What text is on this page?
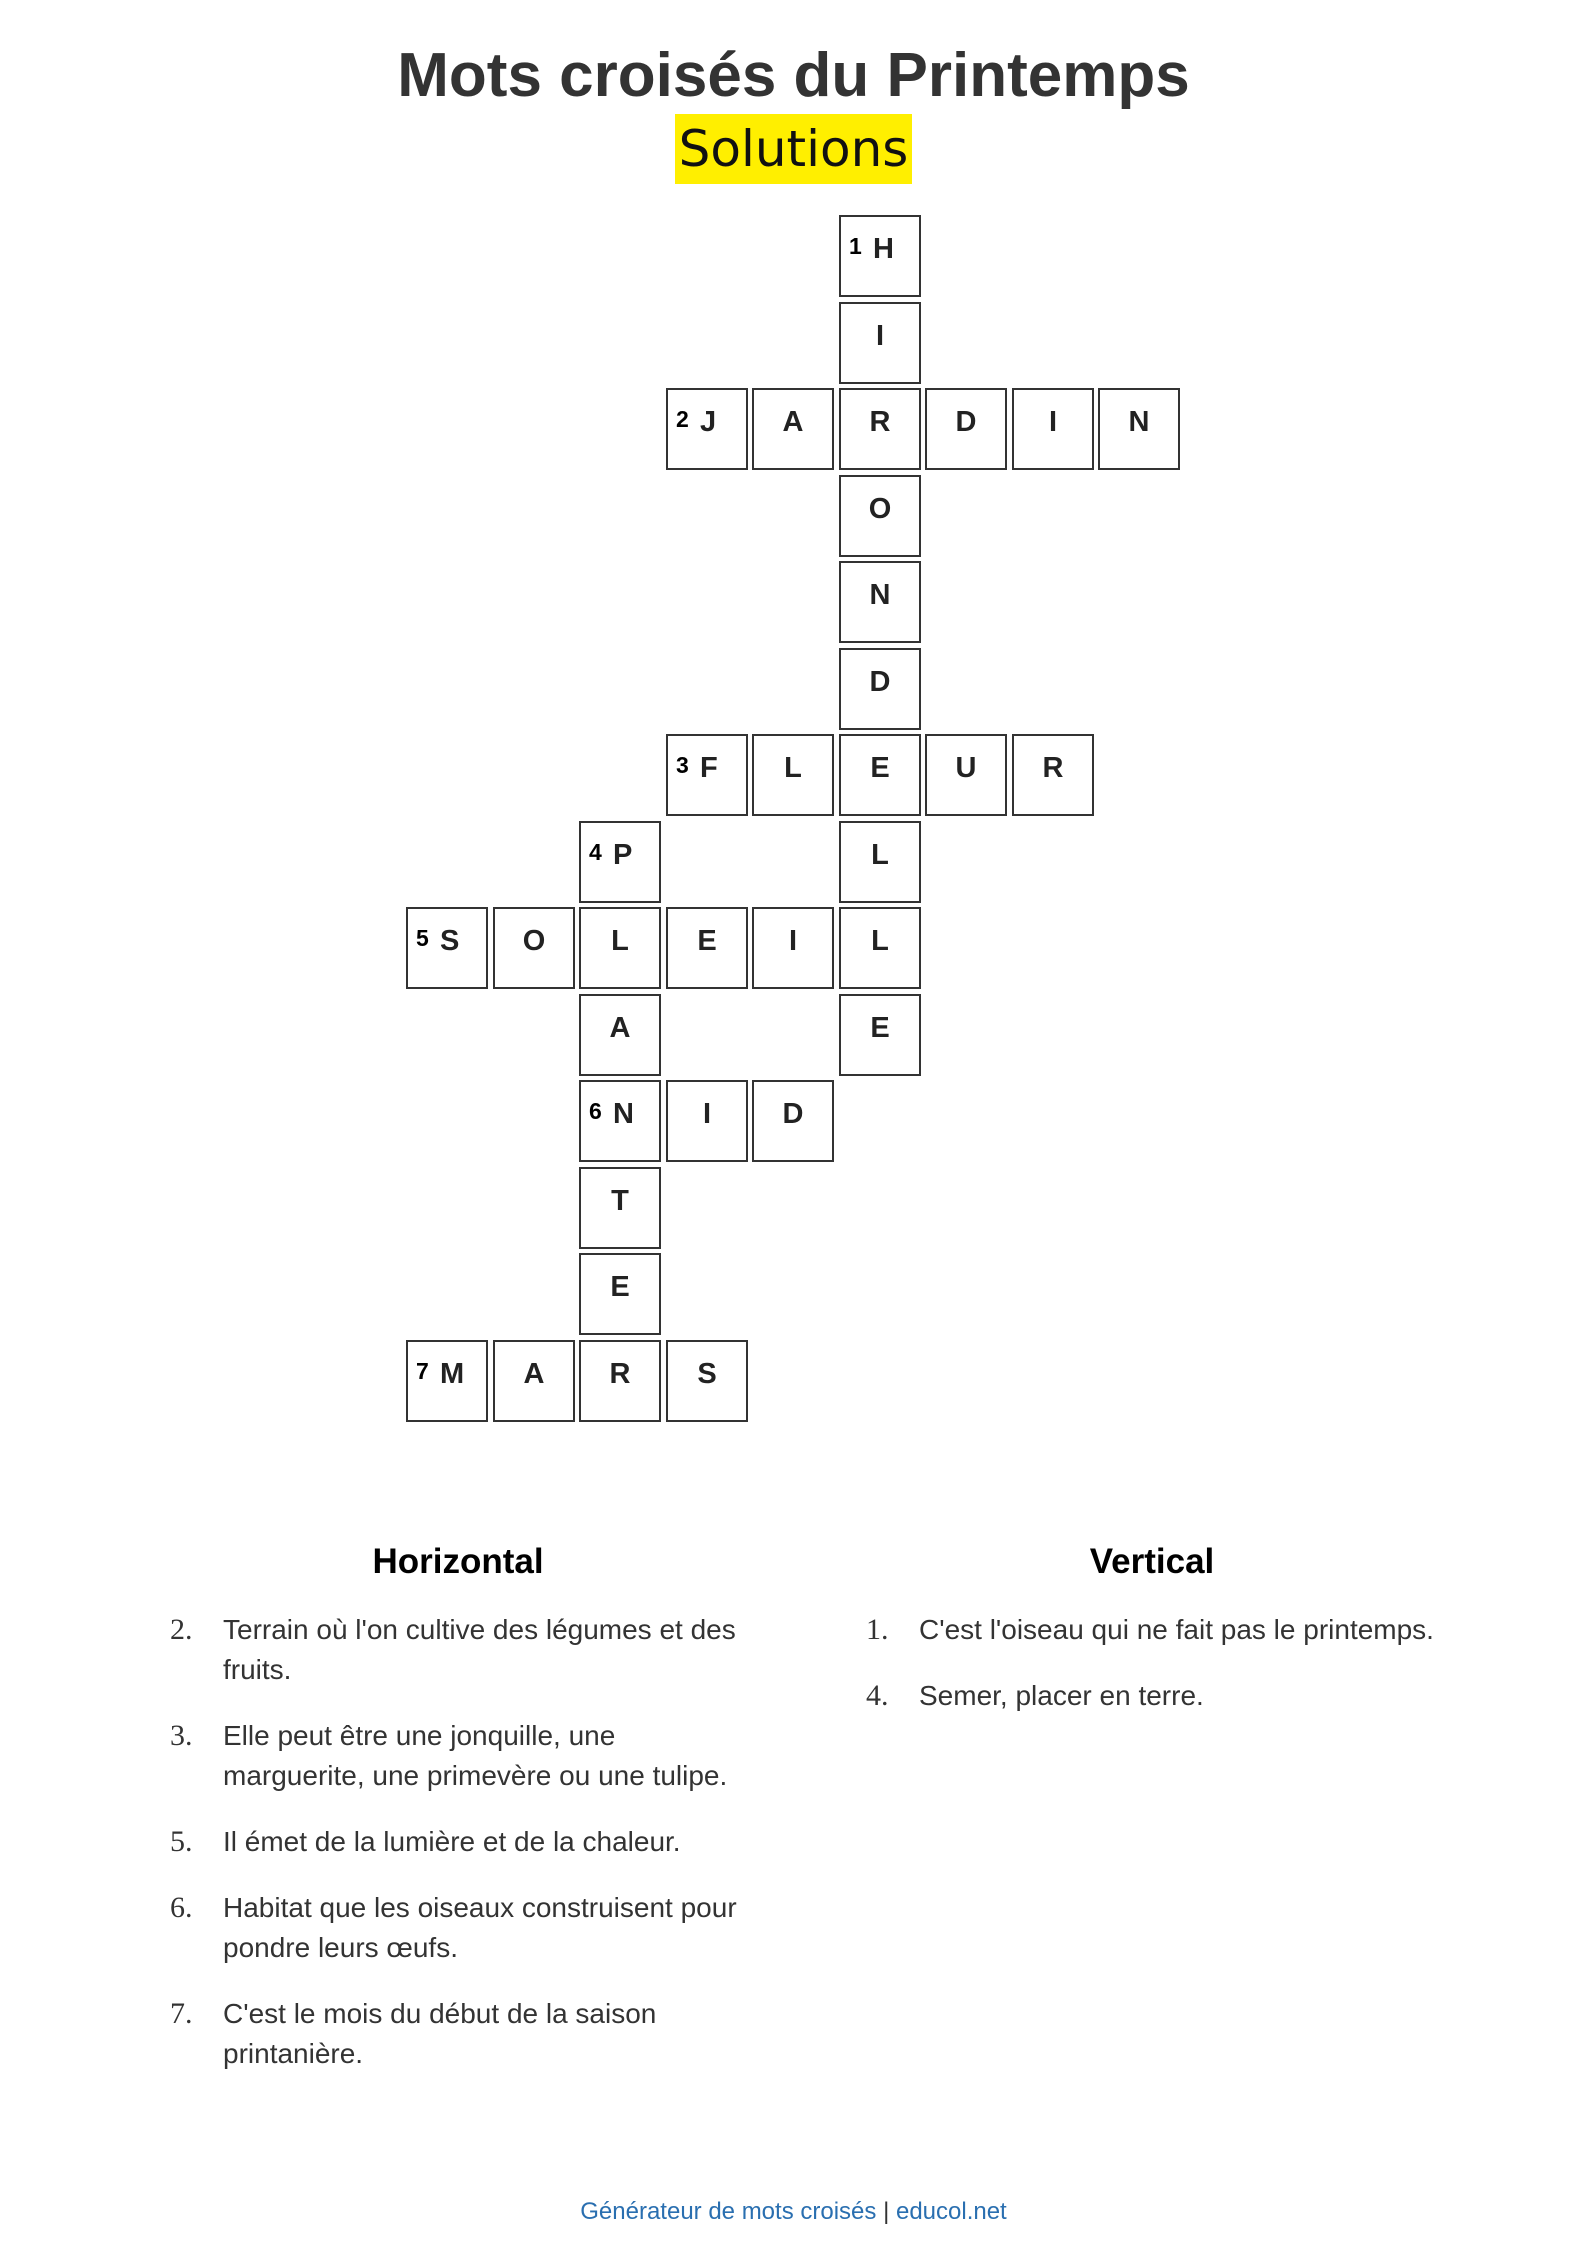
Mots croisés du Printemps
Solutions
1 H
I
2 J	A	R	D	I	N
O
N
D
3 F	L	E	U	R
4 P	L
5 S	O	L	E	I	L
A	E
6 N	I	D
T
E
7 M	A	R	S
Horizontal
2.	Terrain où l'on cultive des légumes et des fruits.
3.	Elle peut être une jonquille, une marguerite, une primevère ou une tulipe.
5.	Il émet de la lumière et de la chaleur.
6.	Habitat que les oiseaux construisent pour pondre leurs œufs.
7.	C'est le mois du début de la saison printanière.
Vertical
1.	C'est l'oiseau qui ne fait pas le printemps.
4.	Semer, placer en terre.
Générateur de mots croisés | educol.net
